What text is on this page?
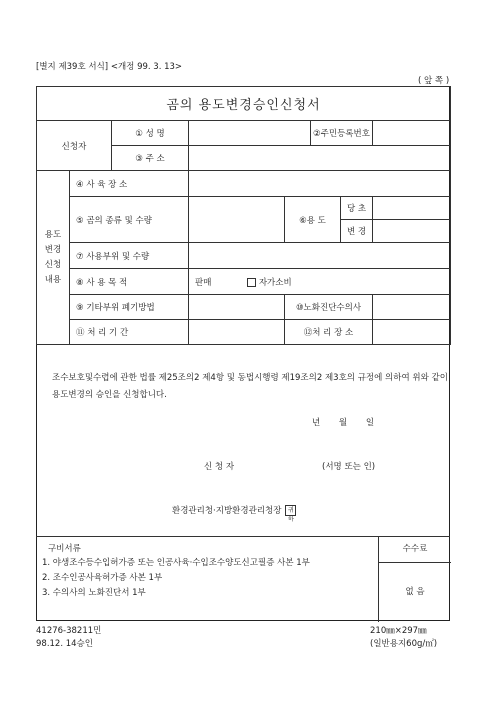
[별지 제39호 서식] <개정 99. 3. 13>
( 앞 쪽 )
곰의 용도변경승인신청서							
신청자		① 성 명			②주민등록번호		
		③ 주 소					
용도 변경 신청 내용	④ 사 육 장 소						
	⑤ 곰의 종류 및 수량			⑥용 도		당 초	
						변 경	
	⑦ 사용부위 및 수량						
	⑧ 사 용 목 적		판매 자가소비				
	⑨ 기타부위 폐기방법			⑩노화진단수의사			
	⑪ 처 리 기 간			⑫처 리 장 소			
조수보호및수렵에 관한 법률 제25조의2 제4항 및 동법시행령 제19조의2 제3호의 규정에 의하여 위와 같이 용도변경의 승인을 신청합니다.
년 월 일
신 청 자	(서명 또는 인)
환경관리청·지방환경관리청장 귀하
구비서류
1. 야생조수등수입허가증 또는 인공사육·수입조수양도신고필증 사본 1부
2. 조수인공사육허가증 사본 1부
3. 수의사의 노화진단서 1부
수수료
없 음
41276-38211민
98.12. 14승인
210㎜×297㎜
(일반용지60g/㎡)
